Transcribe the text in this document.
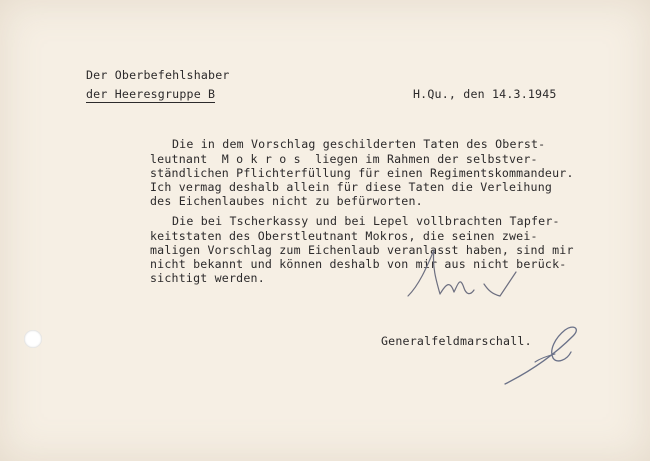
Der Oberbefehlshaber
der Heeresgruppe B	H.Qu., den 14.3.1945
Die in dem Vorschlag geschilderten Taten des Oberst-
leutnant  M o k r o s  liegen im Rahmen der selbstver-
ständlichen Pflichterfüllung für einen Regimentskommandeur.
Ich vermag deshalb allein für diese Taten die Verleihung
des Eichenlaubes nicht zu befürworten.
Die bei Tscherkassy und bei Lepel vollbrachten Tapfer-
keitstaten des Oberstleutnant Mokros, die seinen zwei-
maligen Vorschlag zum Eichenlaub veranlasst haben, sind mir
nicht bekannt und können deshalb von mir aus nicht berück-
sichtigt werden.
Generalfeldmarschall.
